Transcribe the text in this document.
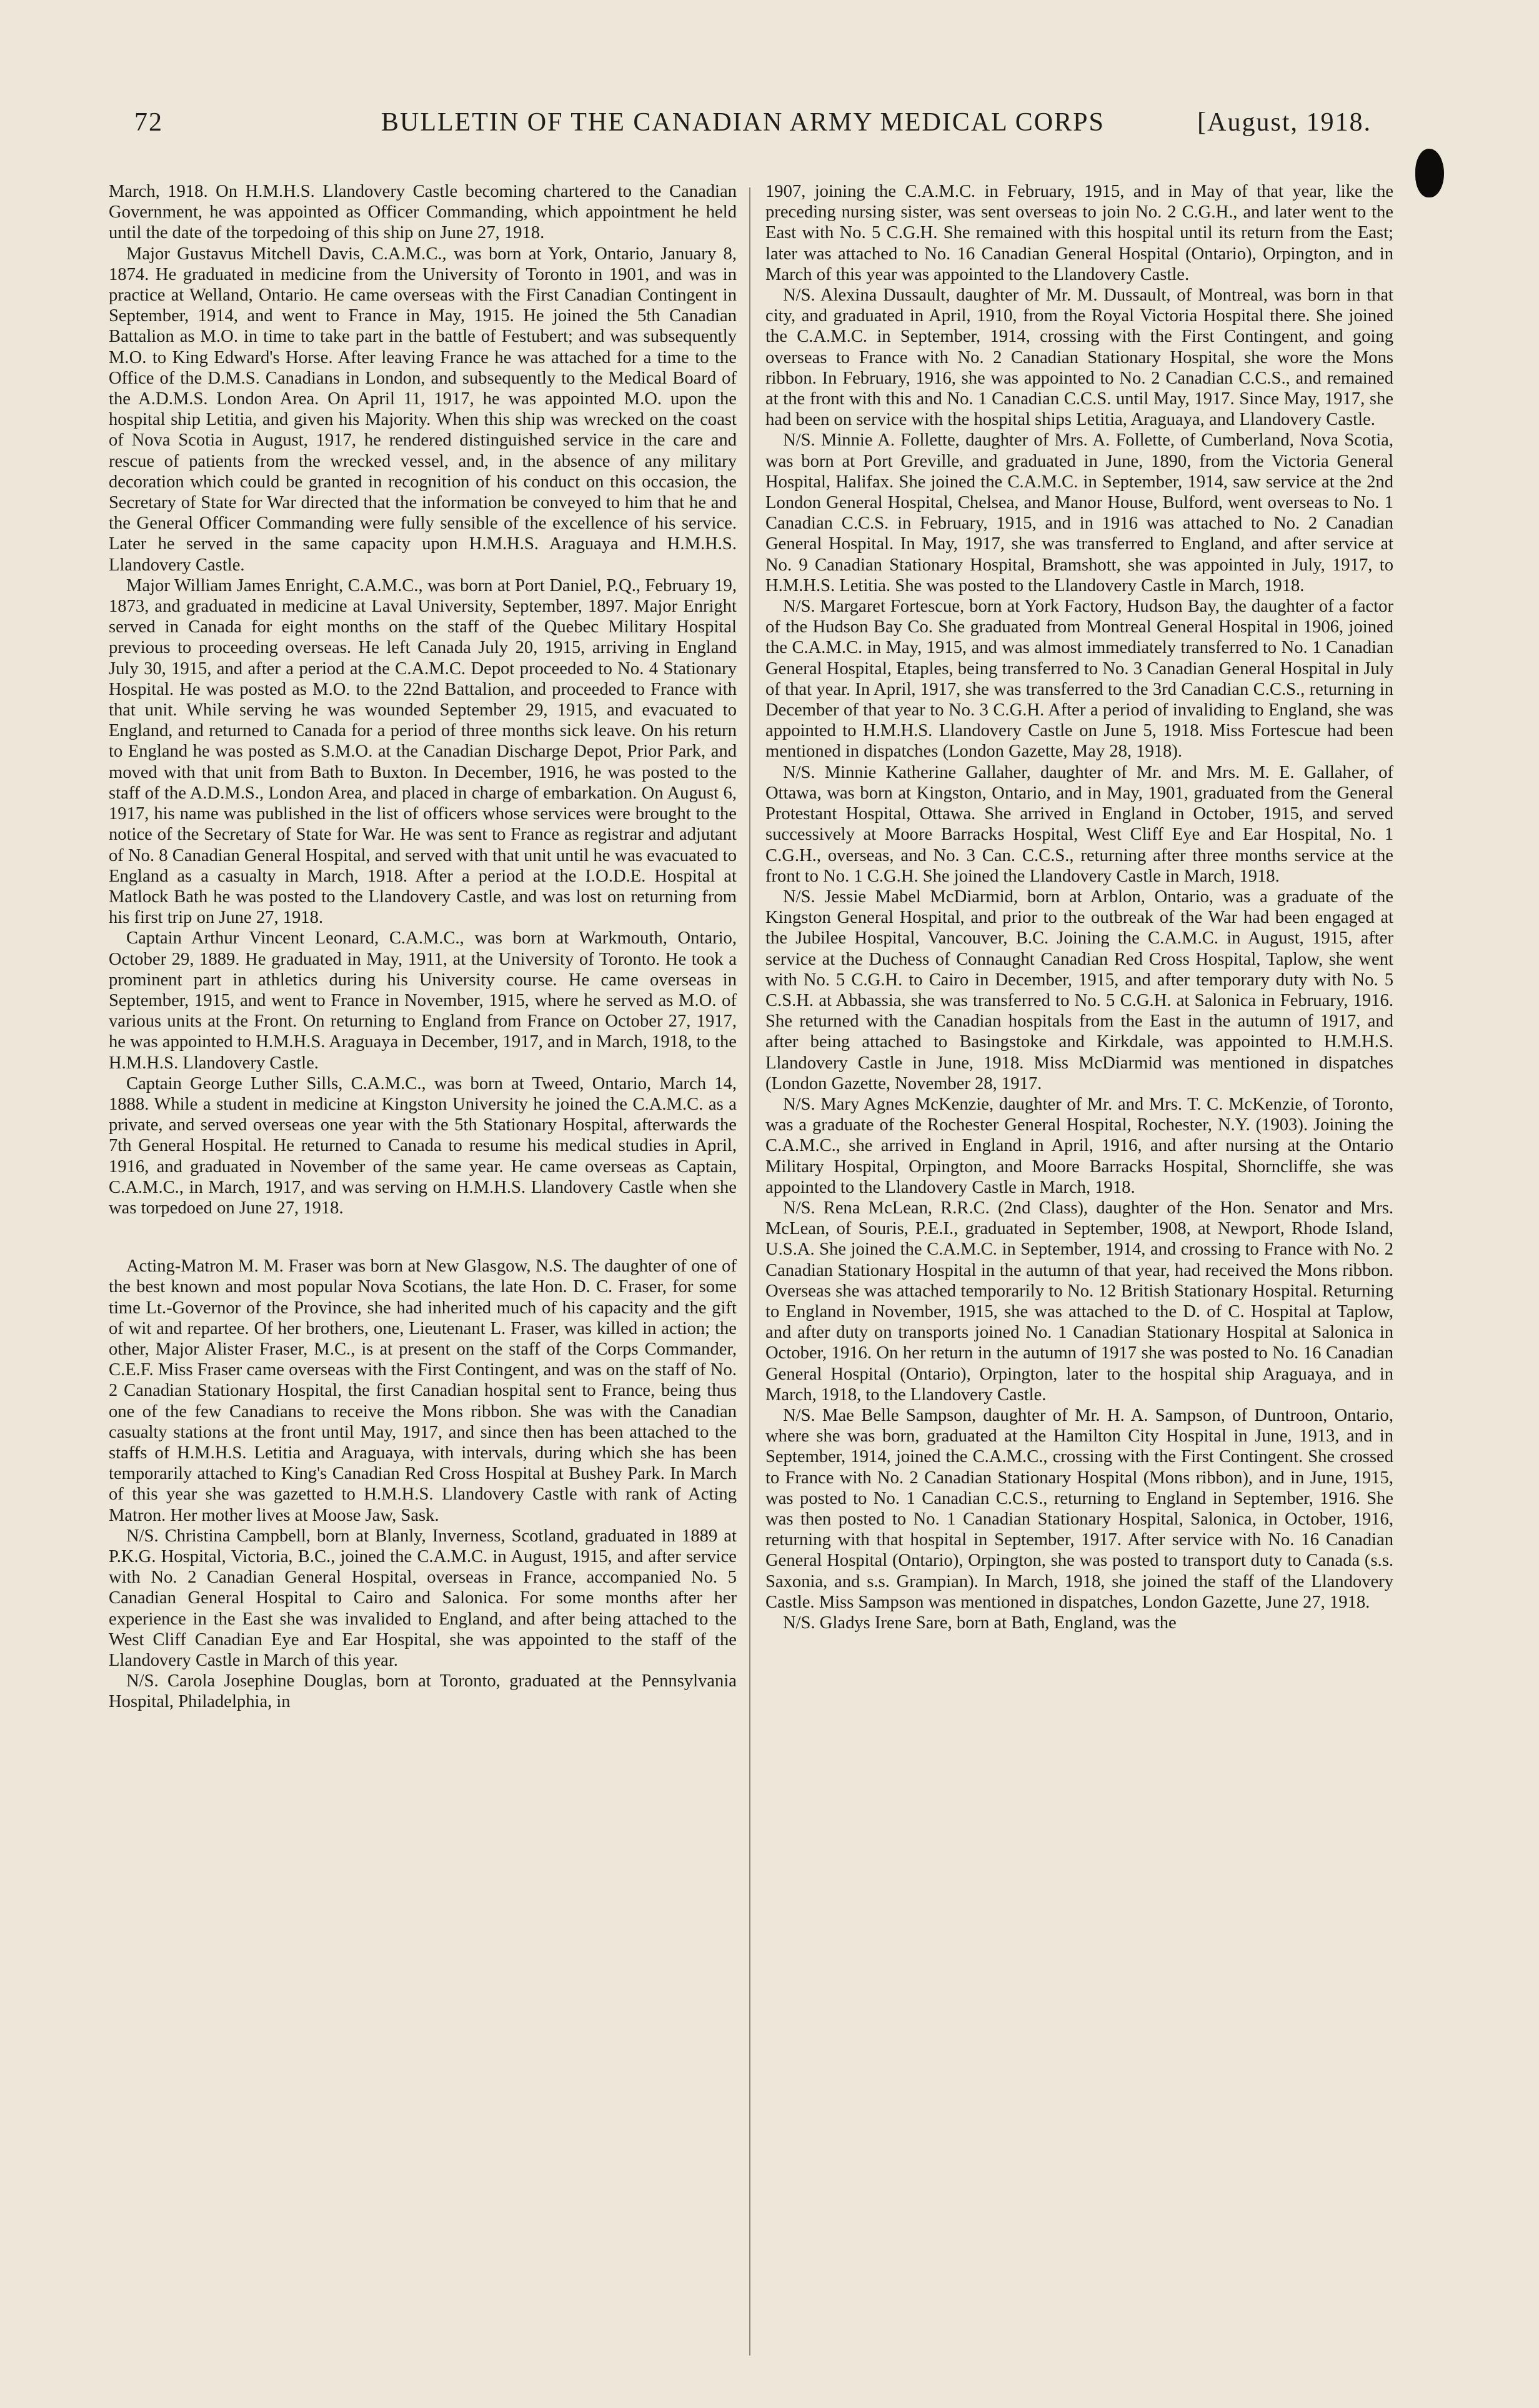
72	BULLETIN OF THE CANADIAN ARMY MEDICAL CORPS	[August, 1918.

March, 1918. On H.M.H.S. Llandovery Castle becoming chartered to the Canadian Government, he was appointed as Officer Commanding, which appointment he held until the date of the torpedoing of this ship on June 27, 1918.

Major Gustavus Mitchell Davis, C.A.M.C., was born at York, Ontario, January 8, 1874. He graduated in medicine from the University of Toronto in 1901, and was in practice at Welland, Ontario. He came overseas with the First Canadian Contingent in September, 1914, and went to France in May, 1915. He joined the 5th Canadian Battalion as M.O. in time to take part in the battle of Festubert; and was subsequently M.O. to King Edward's Horse. After leaving France he was attached for a time to the Office of the D.M.S. Canadians in London, and subsequently to the Medical Board of the A.D.M.S. London Area. On April 11, 1917, he was appointed M.O. upon the hospital ship Letitia, and given his Majority. When this ship was wrecked on the coast of Nova Scotia in August, 1917, he rendered distinguished service in the care and rescue of patients from the wrecked vessel, and, in the absence of any military decoration which could be granted in recognition of his conduct on this occasion, the Secretary of State for War directed that the information be conveyed to him that he and the General Officer Commanding were fully sensible of the excellence of his service. Later he served in the same capacity upon H.M.H.S. Araguaya and H.M.H.S. Llandovery Castle.

Major William James Enright, C.A.M.C., was born at Port Daniel, P.Q., February 19, 1873, and graduated in medicine at Laval University, September, 1897. Major Enright served in Canada for eight months on the staff of the Quebec Military Hospital previous to proceeding overseas. He left Canada July 20, 1915, arriving in England July 30, 1915, and after a period at the C.A.M.C. Depot proceeded to No. 4 Stationary Hospital. He was posted as M.O. to the 22nd Battalion, and proceeded to France with that unit. While serving he was wounded September 29, 1915, and evacuated to England, and returned to Canada for a period of three months sick leave. On his return to England he was posted as S.M.O. at the Canadian Discharge Depot, Prior Park, and moved with that unit from Bath to Buxton. In December, 1916, he was posted to the staff of the A.D.M.S., London Area, and placed in charge of embarkation. On August 6, 1917, his name was published in the list of officers whose services were brought to the notice of the Secretary of State for War. He was sent to France as registrar and adjutant of No. 8 Canadian General Hospital, and served with that unit until he was evacuated to England as a casualty in March, 1918. After a period at the I.O.D.E. Hospital at Matlock Bath he was posted to the Llandovery Castle, and was lost on returning from his first trip on June 27, 1918.

Captain Arthur Vincent Leonard, C.A.M.C., was born at Warkmouth, Ontario, October 29, 1889. He graduated in May, 1911, at the University of Toronto. He took a prominent part in athletics during his University course. He came overseas in September, 1915, and went to France in November, 1915, where he served as M.O. of various units at the Front. On returning to England from France on October 27, 1917, he was appointed to H.M.H.S. Araguaya in December, 1917, and in March, 1918, to the H.M.H.S. Llandovery Castle.

Captain George Luther Sills, C.A.M.C., was born at Tweed, Ontario, March 14, 1888. While a student in medicine at Kingston University he joined the C.A.M.C. as a private, and served overseas one year with the 5th Stationary Hospital, afterwards the 7th General Hospital. He returned to Canada to resume his medical studies in April, 1916, and graduated in November of the same year. He came overseas as Captain, C.A.M.C., in March, 1917, and was serving on H.M.H.S. Llandovery Castle when she was torpedoed on June 27, 1918.

Acting-Matron M. M. Fraser was born at New Glasgow, N.S. The daughter of one of the best known and most popular Nova Scotians, the late Hon. D. C. Fraser, for some time Lt.-Governor of the Province, she had inherited much of his capacity and the gift of wit and repartee. Of her brothers, one, Lieutenant L. Fraser, was killed in action; the other, Major Alister Fraser, M.C., is at present on the staff of the Corps Commander, C.E.F. Miss Fraser came overseas with the First Contingent, and was on the staff of No. 2 Canadian Stationary Hospital, the first Canadian hospital sent to France, being thus one of the few Canadians to receive the Mons ribbon. She was with the Canadian casualty stations at the front until May, 1917, and since then has been attached to the staffs of H.M.H.S. Letitia and Araguaya, with intervals, during which she has been temporarily attached to King's Canadian Red Cross Hospital at Bushey Park. In March of this year she was gazetted to H.M.H.S. Llandovery Castle with rank of Acting Matron. Her mother lives at Moose Jaw, Sask.

N/S. Christina Campbell, born at Blanly, Inverness, Scotland, graduated in 1889 at P.K.G. Hospital, Victoria, B.C., joined the C.A.M.C. in August, 1915, and after service with No. 2 Canadian General Hospital, overseas in France, accompanied No. 5 Canadian General Hospital to Cairo and Salonica. For some months after her experience in the East she was invalided to England, and after being attached to the West Cliff Canadian Eye and Ear Hospital, she was appointed to the staff of the Llandovery Castle in March of this year.

N/S. Carola Josephine Douglas, born at Toronto, graduated at the Pennsylvania Hospital, Philadelphia, in

1907, joining the C.A.M.C. in February, 1915, and in May of that year, like the preceding nursing sister, was sent overseas to join No. 2 C.G.H., and later went to the East with No. 5 C.G.H. She remained with this hospital until its return from the East; later was attached to No. 16 Canadian General Hospital (Ontario), Orpington, and in March of this year was appointed to the Llandovery Castle.

N/S. Alexina Dussault, daughter of Mr. M. Dussault, of Montreal, was born in that city, and graduated in April, 1910, from the Royal Victoria Hospital there. She joined the C.A.M.C. in September, 1914, crossing with the First Contingent, and going overseas to France with No. 2 Canadian Stationary Hospital, she wore the Mons ribbon. In February, 1916, she was appointed to No. 2 Canadian C.C.S., and remained at the front with this and No. 1 Canadian C.C.S. until May, 1917. Since May, 1917, she had been on service with the hospital ships Letitia, Araguaya, and Llandovery Castle.

N/S. Minnie A. Follette, daughter of Mrs. A. Follette, of Cumberland, Nova Scotia, was born at Port Greville, and graduated in June, 1890, from the Victoria General Hospital, Halifax. She joined the C.A.M.C. in September, 1914, saw service at the 2nd London General Hospital, Chelsea, and Manor House, Bulford, went overseas to No. 1 Canadian C.C.S. in February, 1915, and in 1916 was attached to No. 2 Canadian General Hospital. In May, 1917, she was transferred to England, and after service at No. 9 Canadian Stationary Hospital, Bramshott, she was appointed in July, 1917, to H.M.H.S. Letitia. She was posted to the Llandovery Castle in March, 1918.

N/S. Margaret Fortescue, born at York Factory, Hudson Bay, the daughter of a factor of the Hudson Bay Co. She graduated from Montreal General Hospital in 1906, joined the C.A.M.C. in May, 1915, and was almost immediately transferred to No. 1 Canadian General Hospital, Etaples, being transferred to No. 3 Canadian General Hospital in July of that year. In April, 1917, she was transferred to the 3rd Canadian C.C.S., returning in December of that year to No. 3 C.G.H. After a period of invaliding to England, she was appointed to H.M.H.S. Llandovery Castle on June 5, 1918. Miss Fortescue had been mentioned in dispatches (London Gazette, May 28, 1918).

N/S. Minnie Katherine Gallaher, daughter of Mr. and Mrs. M. E. Gallaher, of Ottawa, was born at Kingston, Ontario, and in May, 1901, graduated from the General Protestant Hospital, Ottawa. She arrived in England in October, 1915, and served successively at Moore Barracks Hospital, West Cliff Eye and Ear Hospital, No. 1 C.G.H., overseas, and No. 3 Can. C.C.S., returning after three months service at the front to No. 1 C.G.H. She joined the Llandovery Castle in March, 1918.

N/S. Jessie Mabel McDiarmid, born at Arblon, Ontario, was a graduate of the Kingston General Hospital, and prior to the outbreak of the War had been engaged at the Jubilee Hospital, Vancouver, B.C. Joining the C.A.M.C. in August, 1915, after service at the Duchess of Connaught Canadian Red Cross Hospital, Taplow, she went with No. 5 C.G.H. to Cairo in December, 1915, and after temporary duty with No. 5 C.S.H. at Abbassia, she was transferred to No. 5 C.G.H. at Salonica in February, 1916. She returned with the Canadian hospitals from the East in the autumn of 1917, and after being attached to Basingstoke and Kirkdale, was appointed to H.M.H.S. Llandovery Castle in June, 1918. Miss McDiarmid was mentioned in dispatches (London Gazette, November 28, 1917.

N/S. Mary Agnes McKenzie, daughter of Mr. and Mrs. T. C. McKenzie, of Toronto, was a graduate of the Rochester General Hospital, Rochester, N.Y. (1903). Joining the C.A.M.C., she arrived in England in April, 1916, and after nursing at the Ontario Military Hospital, Orpington, and Moore Barracks Hospital, Shorncliffe, she was appointed to the Llandovery Castle in March, 1918.

N/S. Rena McLean, R.R.C. (2nd Class), daughter of the Hon. Senator and Mrs. McLean, of Souris, P.E.I., graduated in September, 1908, at Newport, Rhode Island, U.S.A. She joined the C.A.M.C. in September, 1914, and crossing to France with No. 2 Canadian Stationary Hospital in the autumn of that year, had received the Mons ribbon. Overseas she was attached temporarily to No. 12 British Stationary Hospital. Returning to England in November, 1915, she was attached to the D. of C. Hospital at Taplow, and after duty on transports joined No. 1 Canadian Stationary Hospital at Salonica in October, 1916. On her return in the autumn of 1917 she was posted to No. 16 Canadian General Hospital (Ontario), Orpington, later to the hospital ship Araguaya, and in March, 1918, to the Llandovery Castle.

N/S. Mae Belle Sampson, daughter of Mr. H. A. Sampson, of Duntroon, Ontario, where she was born, graduated at the Hamilton City Hospital in June, 1913, and in September, 1914, joined the C.A.M.C., crossing with the First Contingent. She crossed to France with No. 2 Canadian Stationary Hospital (Mons ribbon), and in June, 1915, was posted to No. 1 Canadian C.C.S., returning to England in September, 1916. She was then posted to No. 1 Canadian Stationary Hospital, Salonica, in October, 1916, returning with that hospital in September, 1917. After service with No. 16 Canadian General Hospital (Ontario), Orpington, she was posted to transport duty to Canada (s.s. Saxonia, and s.s. Grampian). In March, 1918, she joined the staff of the Llandovery Castle. Miss Sampson was mentioned in dispatches, London Gazette, June 27, 1918.

N/S. Gladys Irene Sare, born at Bath, England, was the
